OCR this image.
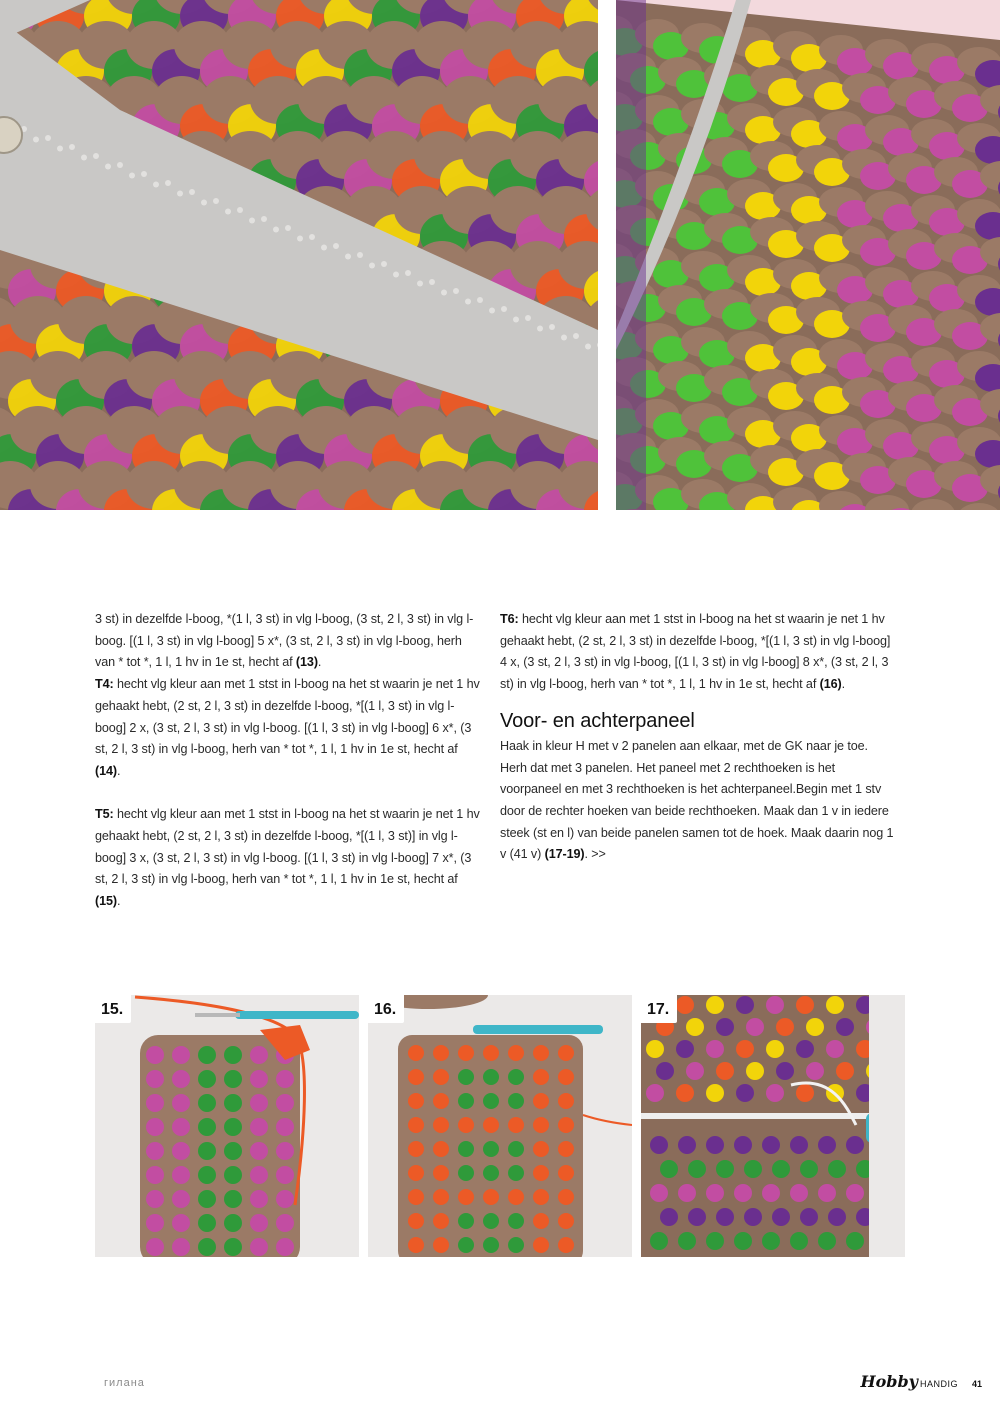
3 st) in dezelfde l-boog, *(1 l, 3 st) in vlg l-boog, (3 st, 2 l, 3 st) in vlg l-boog. [(1 l, 3 st) in vlg l-boog] 5 x*, (3 st, 2 l, 3 st) in vlg l-boog, herh van * tot *, 1 l, 1 hv in 1e st, hecht af (13).

T4: hecht vlg kleur aan met 1 stst in l-boog na het st waarin je net 1 hv gehaakt hebt, (2 st, 2 l, 3 st) in dezelfde l-boog, *[(1 l, 3 st) in vlg l-boog] 2 x, (3 st, 2 l, 3 st) in vlg l-boog. [(1 l, 3 st) in vlg l-boog] 6 x*, (3 st, 2 l, 3 st) in vlg l-boog, herh van * tot *, 1 l, 1 hv in 1e st, hecht af (14).

T5: hecht vlg kleur aan met 1 stst in l-boog na het st waarin je net 1 hv gehaakt hebt, (2 st, 2 l, 3 st) in dezelfde l-boog, *[(1 l, 3 st)] in vlg l-boog] 3 x, (3 st, 2 l, 3 st) in vlg l-boog. [(1 l, 3 st) in vlg l-boog] 7 x*, (3 st, 2 l, 3 st) in vlg l-boog, herh van * tot *, 1 l, 1 hv in 1e st, hecht af (15).

T6: hecht vlg kleur aan met 1 stst in l-boog na het st waarin je net 1 hv gehaakt hebt, (2 st, 2 l, 3 st) in dezelfde l-boog, *[(1 l, 3 st) in vlg l-boog] 4 x, (3 st, 2 l, 3 st) in vlg l-boog, [(1 l, 3 st) in vlg l-boog] 8 x*, (3 st, 2 l, 3 st) in vlg l-boog, herh van * tot *, 1 l, 1 hv in 1e st, hecht af (16).

Voor- en achterpaneel

Haak in kleur H met v 2 panelen aan elkaar, met de GK naar je toe. Herh dat met 3 panelen. Het paneel met 2 rechthoeken is het voorpaneel en met 3 rechthoeken is het achterpaneel.Begin met 1 stv door de rechter hoeken van beide rechthoeken. Maak dan 1 v in iedere steek (st en l) van beide panelen samen tot de hoek. Maak daarin nog 1 v (41 v) (17-19). >>

15.	16.	17.
гилана	Hobby HANDIG 41
